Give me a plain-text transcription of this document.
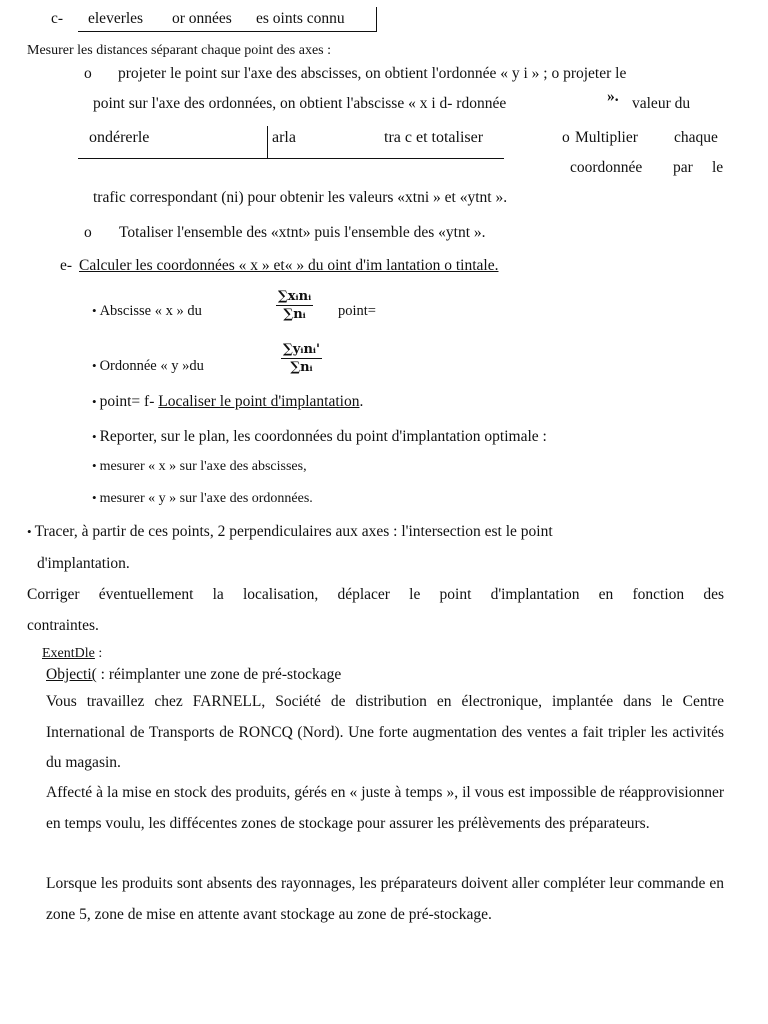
c- eleverles or onnées es oints connu
Mesurer les distances séparant chaque point des axes :
o projeter le point sur l'axe des abscisses, on obtient l'ordonnée « y i » ; o projeter le
point sur l'axe des ordonnées, on obtient l'abscisse « x i d- rdonnée	». valeur du
ondérerle	arla	tra c et totaliser	o Multiplier chaque
coordonnée par le
trafic correspondant (ni) pour obtenir les valeurs «xtni » et «ytnt ».
o Totaliser l'ensemble des «xtnt» puis l'ensemble des «ytnt ».
e- Calculer les coordonnées « x » et« » du oint d'im lantation o tintale.
• Abscisse « x » du
∑xᵢnᵢ
∑nᵢ point=
• Ordonnée « y »du
∑yᵢnᵢ'
∑nᵢ
• point= f- Localiser le point d'implantation.
• Reporter, sur le plan, les coordonnées du point d'implantation optimale :
• mesurer « x » sur l'axe des abscisses,
• mesurer « y » sur l'axe des ordonnées.
• Tracer, à partir de ces points, 2 perpendiculaires aux axes : l'intersection est le point
d'implantation.
Corriger éventuellement la localisation, déplacer le point d'implantation en fonction des
contraintes.
ExentDle :
Objecti( : réimplanter une zone de pré-stockage
Vous travaillez chez FARNELL, Société de distribution en électronique, implantée dans le Centre International de Transports de RONCQ (Nord). Une forte augmentation des ventes a fait tripler les activités du magasin.
Affecté à la mise en stock des produits, gérés en « juste à temps », il vous est impossible de réapprovisionner en temps voulu, les diffécentes zones de stockage pour assurer les prélèvements des préparateurs.
Lorsque les produits sont absents des rayonnages, les préparateurs doivent aller compléter leur commande en zone 5, zone de mise en attente avant stockage au zone de pré-stockage.
